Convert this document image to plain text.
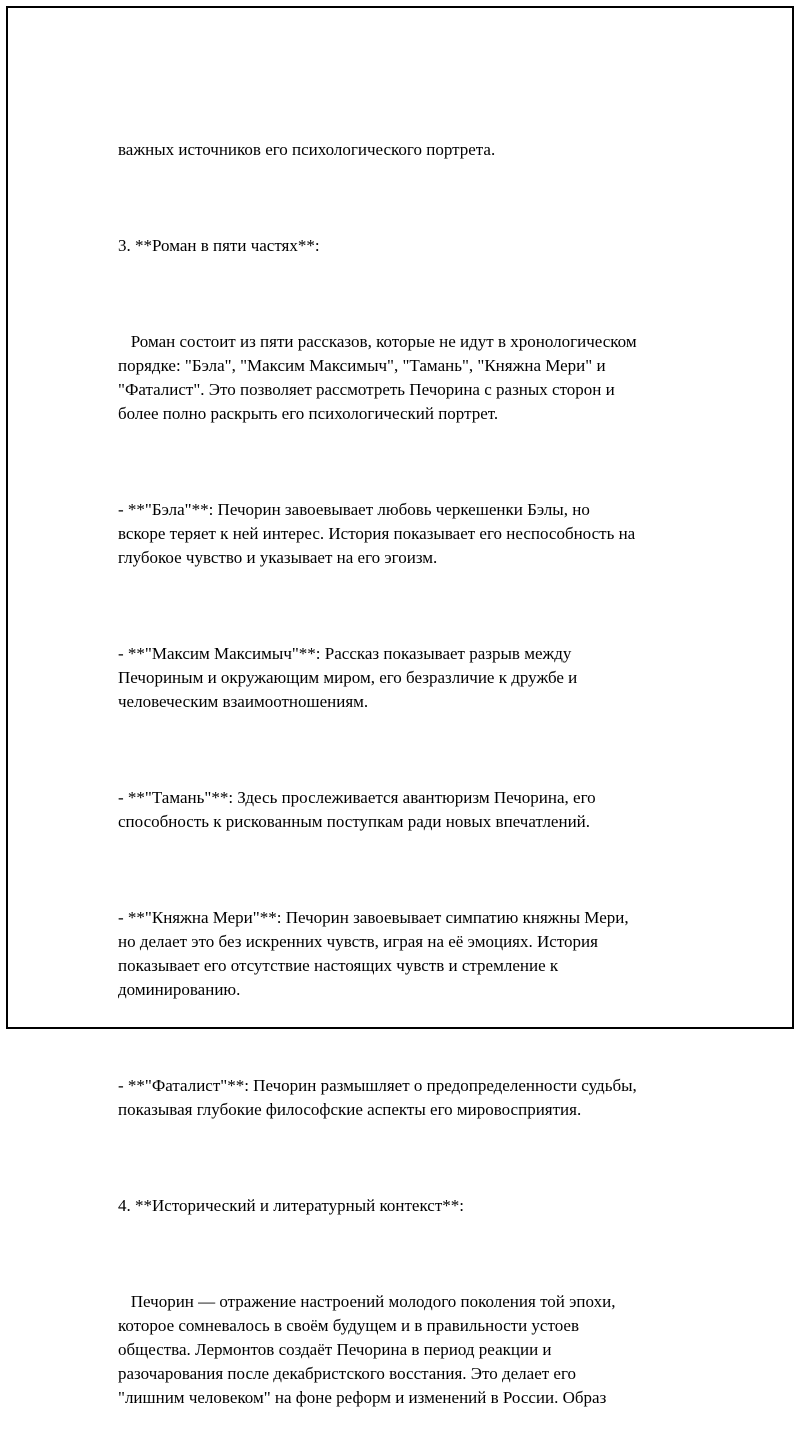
важных источников его психологического портрета.

3. **Роман в пяти частях**:

Роман состоит из пяти рассказов, которые не идут в хронологическом
порядке: "Бэла", "Максим Максимыч", "Тамань", "Княжна Мери" и
"Фаталист". Это позволяет рассмотреть Печорина с разных сторон и
более полно раскрыть его психологический портрет.

- **"Бэла"**: Печорин завоевывает любовь черкешенки Бэлы, но
вскоре теряет к ней интерес. История показывает его неспособность на
глубокое чувство и указывает на его эгоизм.

- **"Максим Максимыч"**: Рассказ показывает разрыв между
Печориным и окружающим миром, его безразличие к дружбе и
человеческим взаимоотношениям.

- **"Тамань"**: Здесь прослеживается авантюризм Печорина, его
способность к рискованным поступкам ради новых впечатлений.

- **"Княжна Мери"**: Печорин завоевывает симпатию княжны Мери,
но делает это без искренних чувств, играя на её эмоциях. История
показывает его отсутствие настоящих чувств и стремление к
доминированию.

- **"Фаталист"**: Печорин размышляет о предопределенности судьбы,
показывая глубокие философские аспекты его мировосприятия.

4. **Исторический и литературный контекст**:

Печорин — отражение настроений молодого поколения той эпохи,
которое сомневалось в своём будущем и в правильности устоев
общества. Лермонтов создаёт Печорина в период реакции и
разочарования после декабристского восстания. Это делает его
"лишним человеком" на фоне реформ и изменений в России. Образ
